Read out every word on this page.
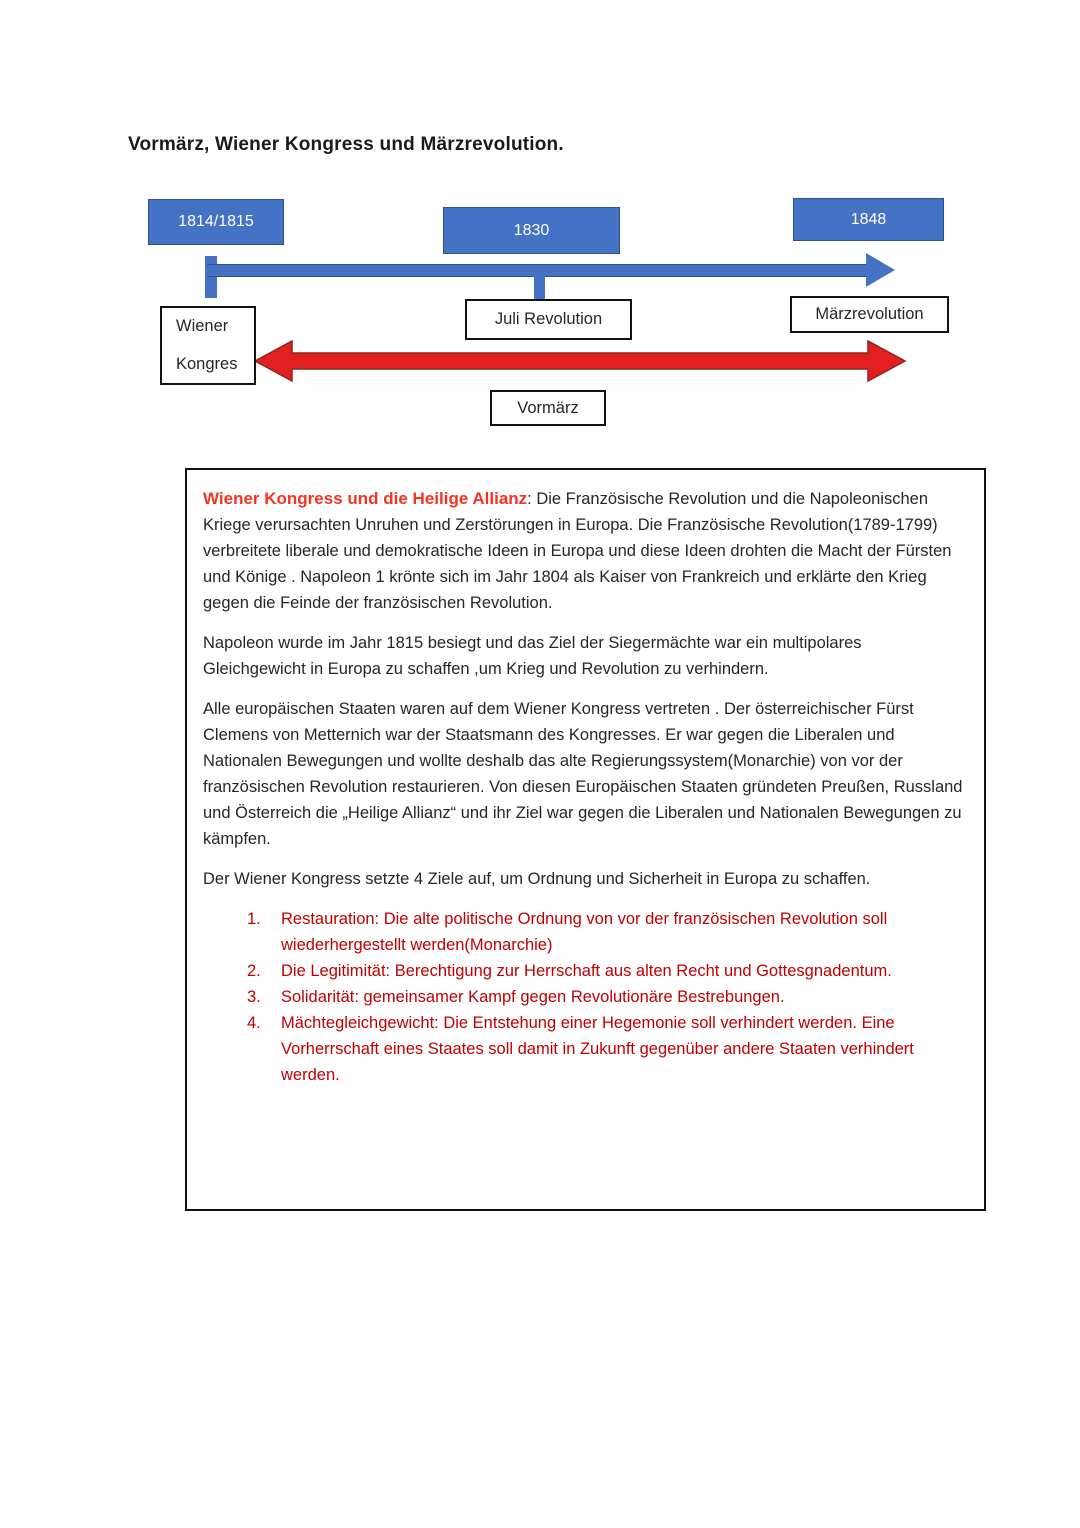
Vormärz, Wiener Kongress und Märzrevolution.
1814/1815	1830
1848
Wiener
Kongres
Juli Revolution	Märzrevolution
Vormärz

Wiener Kongress und die Heilige Allianz: Die Französische Revolution und die Napoleonischen Kriege verursachten Unruhen und Zerstörungen in Europa. Die Französische Revolution(1789-1799) verbreitete liberale und demokratische Ideen in Europa und diese Ideen drohten die Macht der Fürsten und Könige . Napoleon 1 krönte sich im Jahr 1804 als Kaiser von Frankreich und erklärte den Krieg gegen die Feinde der französischen Revolution.

Napoleon wurde im Jahr 1815 besiegt und das Ziel der Siegermächte war ein multipolares Gleichgewicht in Europa zu schaffen ,um Krieg und Revolution zu verhindern.

Alle europäischen Staaten waren auf dem Wiener Kongress vertreten . Der österreichischer Fürst Clemens von Metternich war der Staatsmann des Kongresses. Er war gegen die Liberalen und Nationalen Bewegungen und wollte deshalb das alte Regierungssystem(Monarchie) von vor der französischen Revolution restaurieren. Von diesen Europäischen Staaten gründeten Preußen, Russland und Österreich die „Heilige Allianz“ und ihr Ziel war gegen die Liberalen und Nationalen Bewegungen zu kämpfen.

Der Wiener Kongress setzte 4 Ziele auf, um Ordnung und Sicherheit in Europa zu schaffen.

1.	Restauration: Die alte politische Ordnung von vor der französischen Revolution soll wiederhergestellt werden(Monarchie)
2.	Die Legitimität: Berechtigung zur Herrschaft aus alten Recht und Gottesgnadentum.
3.	Solidarität: gemeinsamer Kampf gegen Revolutionäre Bestrebungen.
4.	Mächtegleichgewicht: Die Entstehung einer Hegemonie soll verhindert werden. Eine Vorherrschaft eines Staates soll damit in Zukunft gegenüber andere Staaten verhindert werden.
